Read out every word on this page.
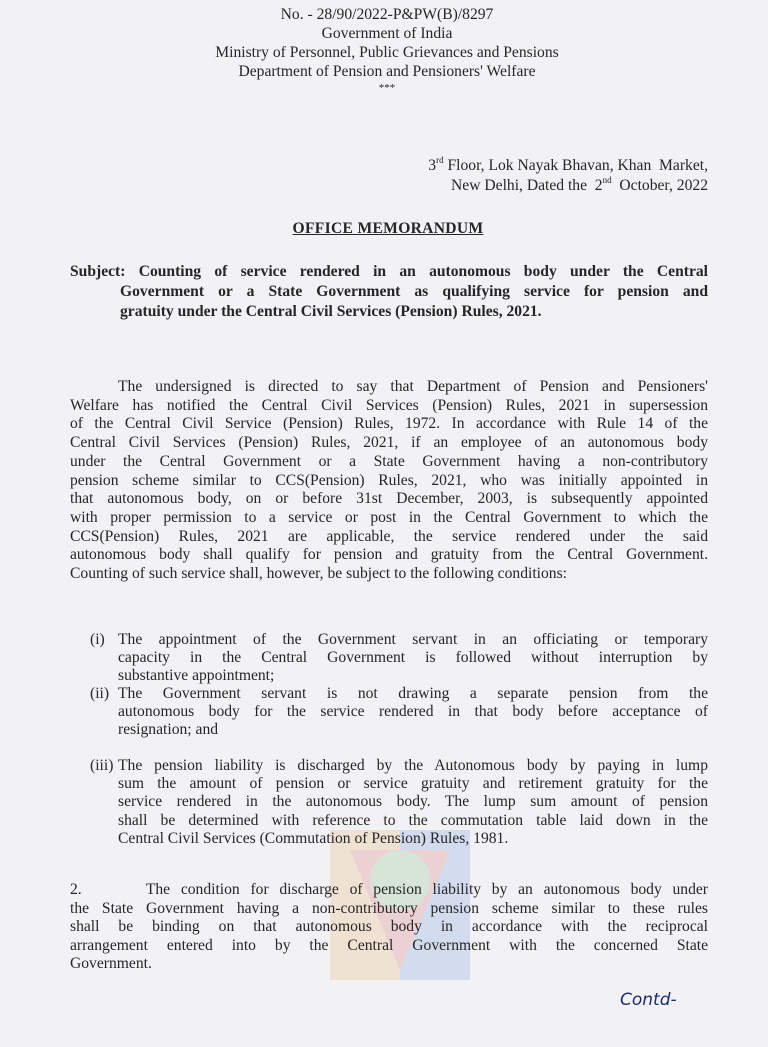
No. - 28/90/2022-P&PW(B)/8297
Government of India
Ministry of Personnel, Public Grievances and Pensions
Department of Pension and Pensioners' Welfare
***
3rd Floor, Lok Nayak Bhavan, Khan  Market,
New Delhi, Dated the  2nd  October, 2022
OFFICE MEMORANDUM
Subject: Counting of service rendered in an autonomous body under the Central
Government or a State Government as qualifying service for pension and
gratuity under the Central Civil Services (Pension) Rules, 2021.
The undersigned is directed to say that Department of Pension and Pensioners'
Welfare has notified the Central Civil Services (Pension) Rules, 2021 in supersession
of the Central Civil Service (Pension) Rules, 1972. In accordance with Rule 14 of the
Central Civil Services (Pension) Rules, 2021, if an employee of an autonomous body
under the Central Government or a State Government having a non-contributory
pension scheme similar to CCS(Pension) Rules, 2021, who was initially appointed in
that autonomous body, on or before 31st December, 2003, is subsequently appointed
with proper permission to a service or post in the Central Government to which the
CCS(Pension) Rules, 2021 are applicable, the service rendered under the said
autonomous body shall qualify for pension and gratuity from the Central Government.
Counting of such service shall, however, be subject to the following conditions:
(i) The appointment of the Government servant in an officiating or temporary
capacity in the Central Government is followed without interruption by
substantive appointment;
(ii) The Government servant is not drawing a separate pension from the
autonomous body for the service rendered in that body before acceptance of
resignation; and
(iii) The pension liability is discharged by the Autonomous body by paying in lump
sum the amount of pension or service gratuity and retirement gratuity for the
service rendered in the autonomous body. The lump sum amount of pension
shall be determined with reference to the commutation table laid down in the
Central Civil Services (Commutation of Pension) Rules, 1981.
2.      The condition for discharge of pension liability by an autonomous body under
the State Government having a non-contributory pension scheme similar to these rules
shall be binding on that autonomous body in accordance with the reciprocal
arrangement entered into by the Central Government with the concerned State
Government.
Contd-
